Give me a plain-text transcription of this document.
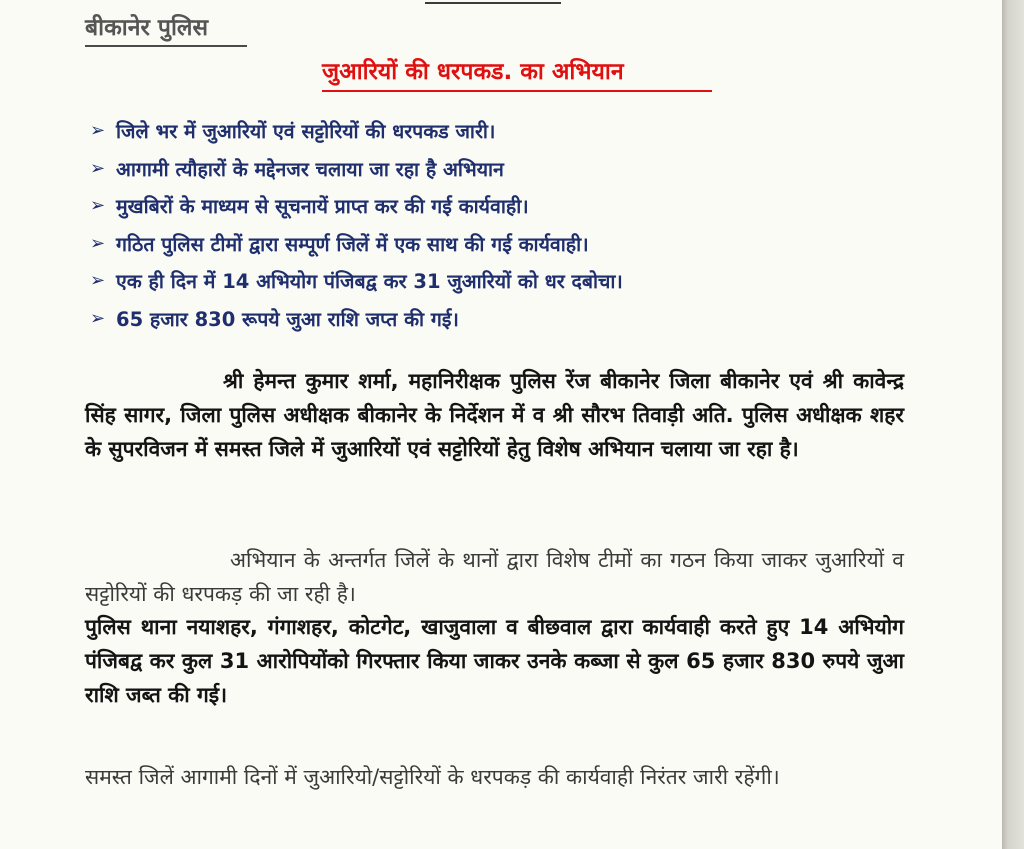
बीकानेर पुलिस
जुआरियों की धरपकड. का अभियान
➢ जिले भर में जुआरियों एवं सट्टोरियों की धरपकड जारी।
➢ आगामी त्यौहारों के मद्देनजर चलाया जा रहा है अभियान
➢ मुखबिरों के माध्यम से सूचनायें प्राप्त कर की गई कार्यवाही।
➢ गठित पुलिस टीमों द्वारा सम्पूर्ण जिलें में एक साथ की गई कार्यवाही।
➢ एक ही दिन में 14 अभियोग पंजिबद्व कर 31 जुआरियों को धर दबोचा।
➢ 65 हजार 830 रूपये जुआ राशि जप्त की गई।

श्री हेमन्त कुमार शर्मा, महानिरीक्षक पुलिस रेंज बीकानेर जिला बीकानेर एवं श्री कावेन्द्र सिंह सागर, जिला पुलिस अधीक्षक बीकानेर के निर्देशन में व श्री सौरभ तिवाड़ी अति. पुलिस अधीक्षक शहर के सुपरविजन में समस्त जिले में जुआरियों एवं सट्टोरियों हेतु विशेष अभियान चलाया जा रहा है।

अभियान के अन्तर्गत जिलें के थानों द्वारा विशेष टीमों का गठन किया जाकर जुआरियों व सट्टोरियों की धरपकड़ की जा रही है।

पुलिस थाना नयाशहर, गंगाशहर, कोटगेट, खाजुवाला व बीछवाल द्वारा कार्यवाही करते हुए 14 अभियोग पंजिबद्व कर कुल 31 आरोपियोंको गिरफ्तार किया जाकर उनके कब्जा से कुल 65 हजार 830 रुपये जुआ राशि जब्त की गई।

समस्त जिलें आगामी दिनों में जुआरियो/सट्टोरियों के धरपकड़ की कार्यवाही निरंतर जारी रहेंगी।
